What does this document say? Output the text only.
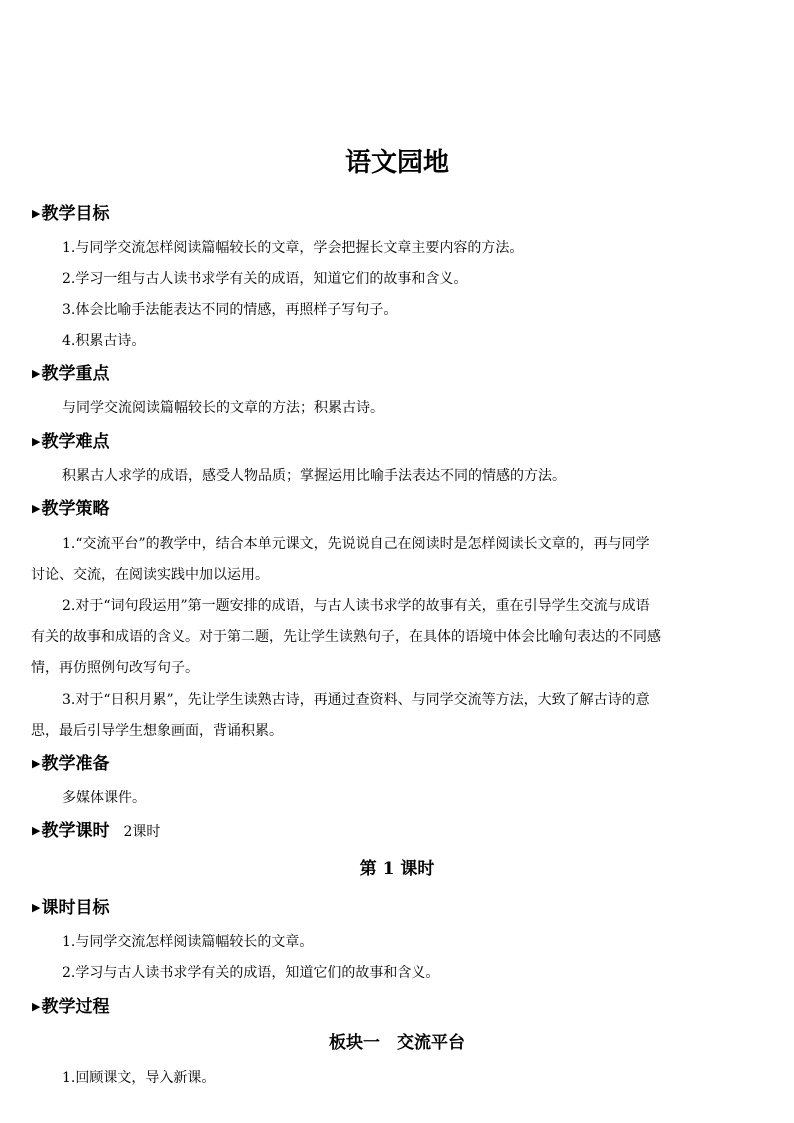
语文园地
▶教学目标
1.与同学交流怎样阅读篇幅较长的文章，学会把握长文章主要内容的方法。
2.学习一组与古人读书求学有关的成语，知道它们的故事和含义。
3.体会比喻手法能表达不同的情感，再照样子写句子。
4.积累古诗。
▶教学重点
与同学交流阅读篇幅较长的文章的方法；积累古诗。
▶教学难点
积累古人求学的成语，感受人物品质；掌握运用比喻手法表达不同的情感的方法。
▶教学策略
1.“交流平台”的教学中，结合本单元课文，先说说自己在阅读时是怎样阅读长文章的，再与同学
讨论、交流，在阅读实践中加以运用。
2.对于“词句段运用”第一题安排的成语，与古人读书求学的故事有关，重在引导学生交流与成语
有关的故事和成语的含义。对于第二题，先让学生读熟句子，在具体的语境中体会比喻句表达的不同感
情，再仿照例句改写句子。
3.对于“日积月累”，先让学生读熟古诗，再通过查资料、与同学交流等方法，大致了解古诗的意
思，最后引导学生想象画面，背诵积累。
▶教学准备
多媒体课件。
▶教学课时 2课时
第 1 课时
▶课时目标
1.与同学交流怎样阅读篇幅较长的文章。
2.学习与古人读书求学有关的成语，知道它们的故事和含义。
▶教学过程
板块一　交流平台
1.回顾课文，导入新课。
